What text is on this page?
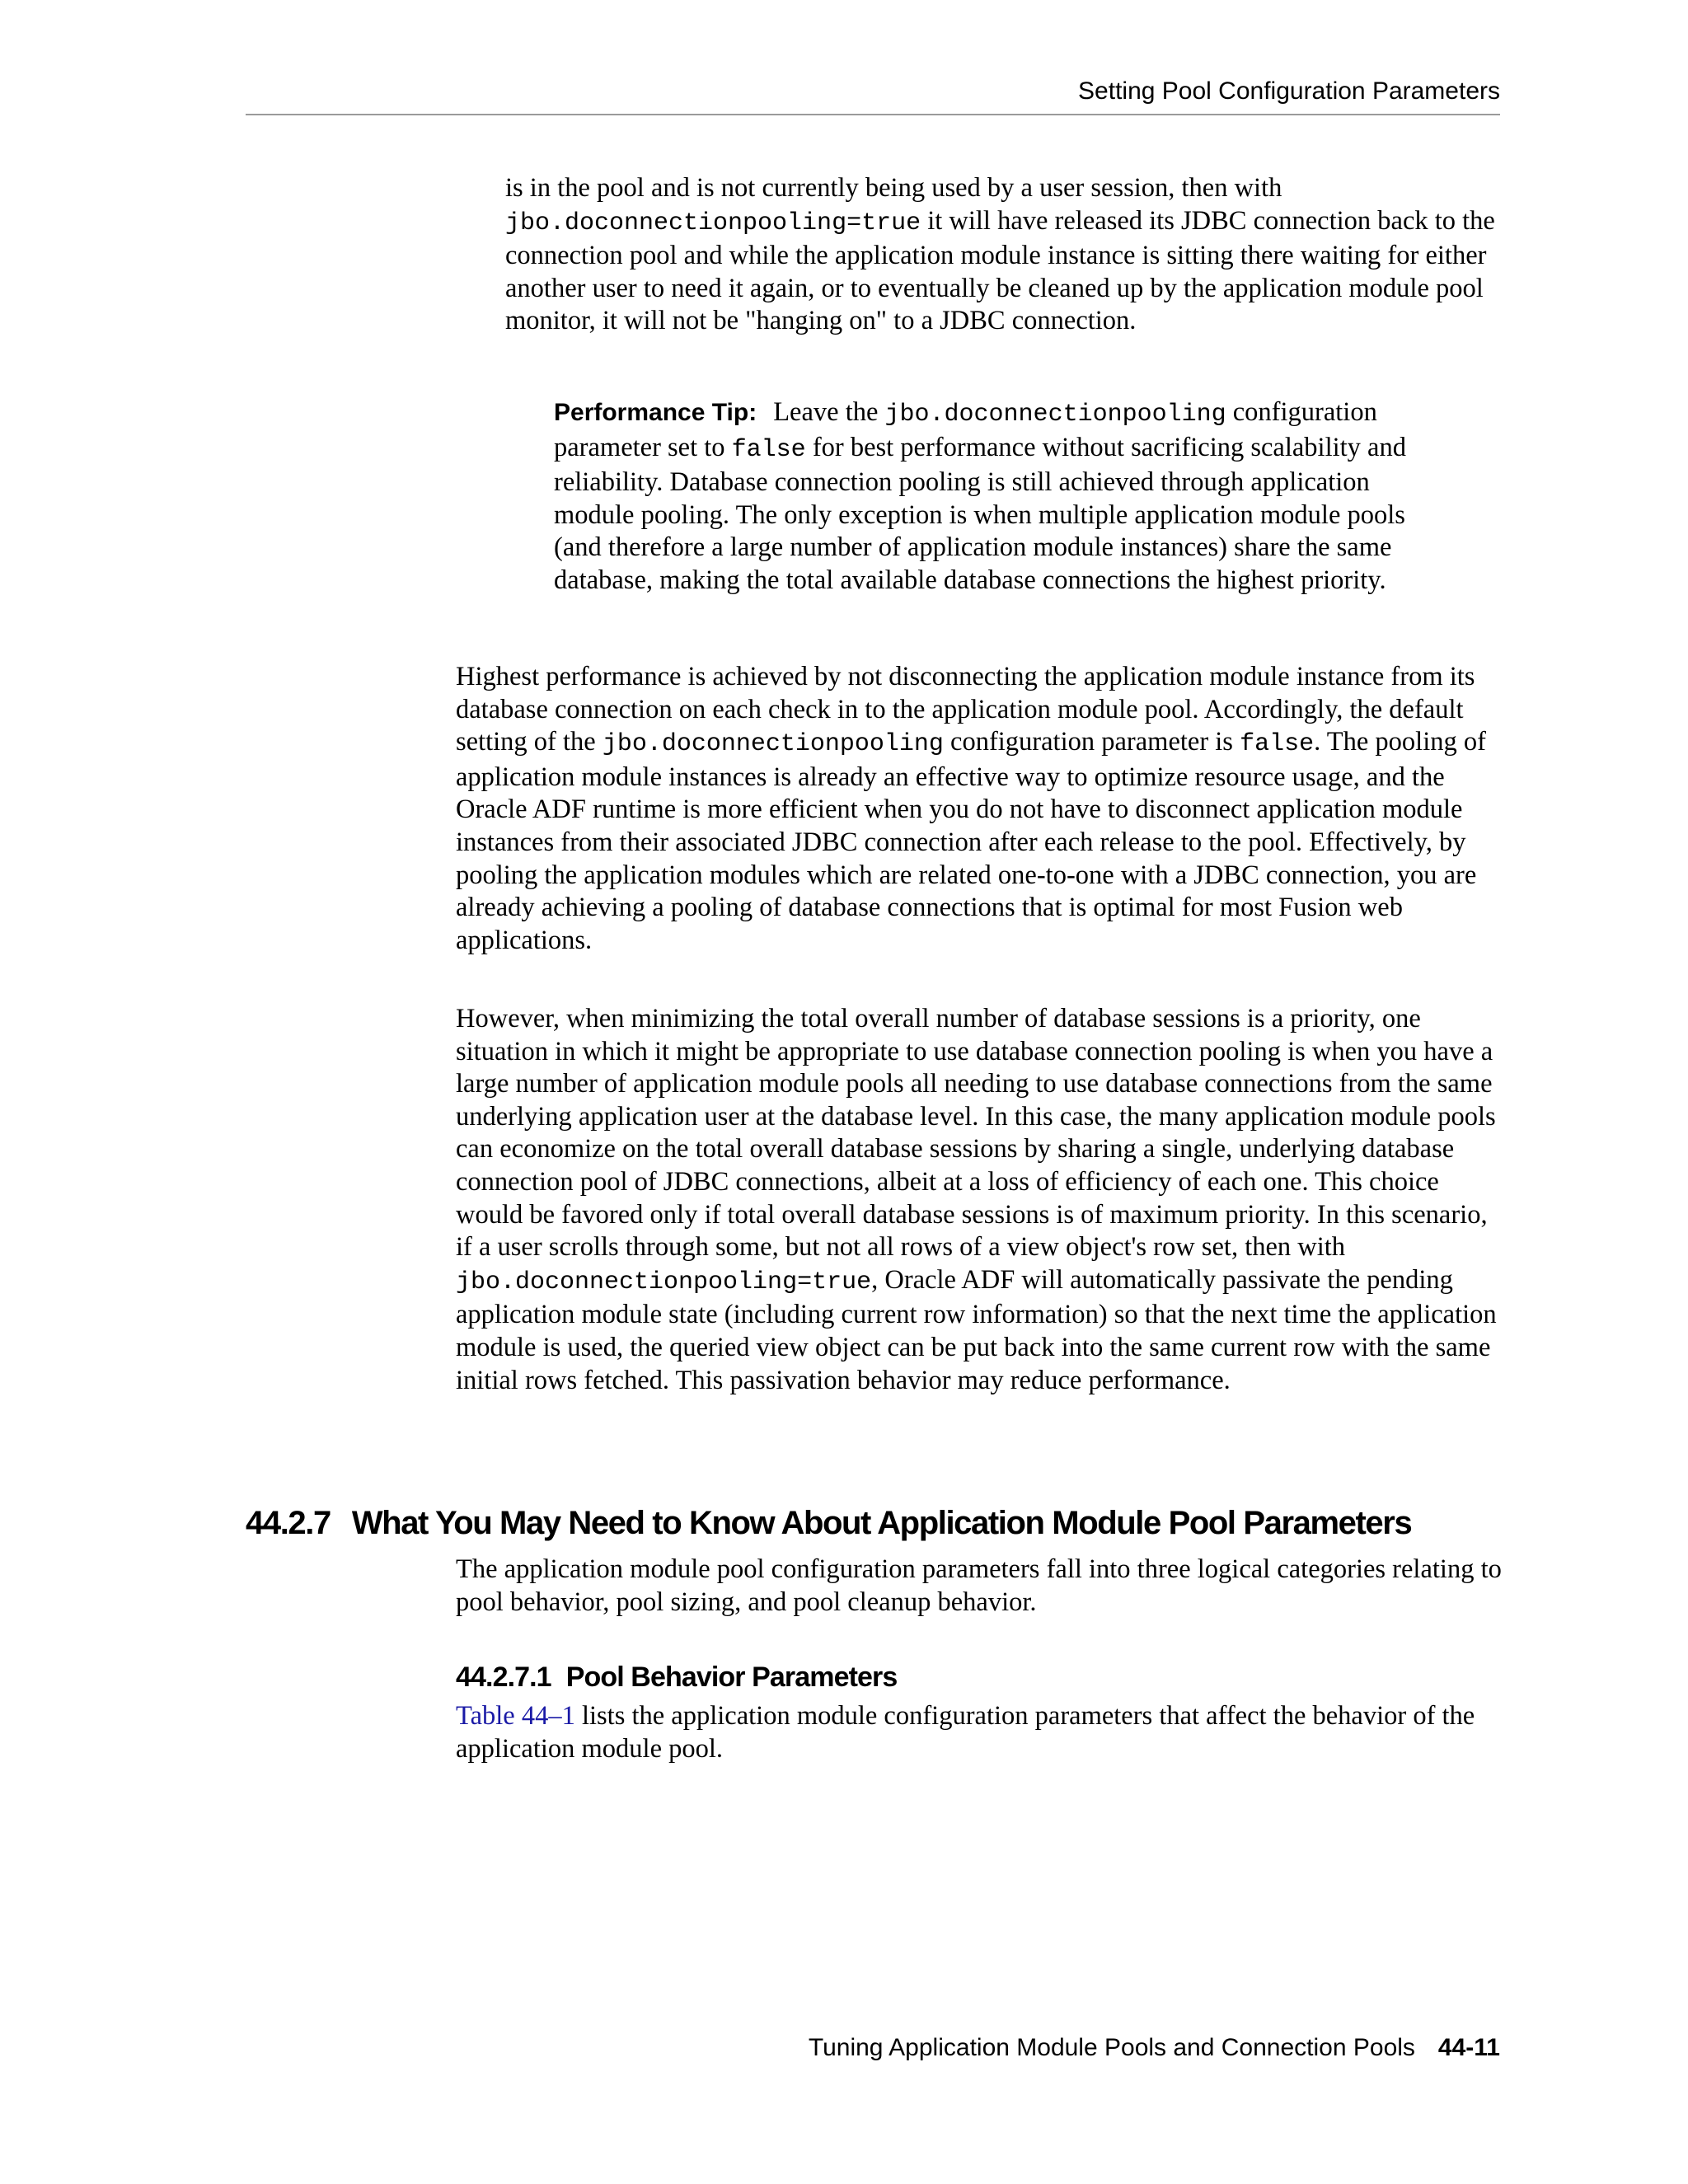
Setting Pool Configuration Parameters

is in the pool and is not currently being used by a user session, then with jbo.doconnectionpooling=true it will have released its JDBC connection back to the connection pool and while the application module instance is sitting there waiting for either another user to need it again, or to eventually be cleaned up by the application module pool monitor, it will not be "hanging on" to a JDBC connection.

Performance Tip: Leave the jbo.doconnectionpooling configuration parameter set to false for best performance without sacrificing scalability and reliability. Database connection pooling is still achieved through application module pooling. The only exception is when multiple application module pools (and therefore a large number of application module instances) share the same database, making the total available database connections the highest priority.

Highest performance is achieved by not disconnecting the application module instance from its database connection on each check in to the application module pool. Accordingly, the default setting of the jbo.doconnectionpooling configuration parameter is false. The pooling of application module instances is already an effective way to optimize resource usage, and the Oracle ADF runtime is more efficient when you do not have to disconnect application module instances from their associated JDBC connection after each release to the pool. Effectively, by pooling the application modules which are related one-to-one with a JDBC connection, you are already achieving a pooling of database connections that is optimal for most Fusion web applications.

However, when minimizing the total overall number of database sessions is a priority, one situation in which it might be appropriate to use database connection pooling is when you have a large number of application module pools all needing to use database connections from the same underlying application user at the database level. In this case, the many application module pools can economize on the total overall database sessions by sharing a single, underlying database connection pool of JDBC connections, albeit at a loss of efficiency of each one. This choice would be favored only if total overall database sessions is of maximum priority. In this scenario, if a user scrolls through some, but not all rows of a view object's row set, then with jbo.doconnectionpooling=true, Oracle ADF will automatically passivate the pending application module state (including current row information) so that the next time the application module is used, the queried view object can be put back into the same current row with the same initial rows fetched. This passivation behavior may reduce performance.

44.2.7 What You May Need to Know About Application Module Pool Parameters

The application module pool configuration parameters fall into three logical categories relating to pool behavior, pool sizing, and pool cleanup behavior.

44.2.7.1 Pool Behavior Parameters

Table 44–1 lists the application module configuration parameters that affect the behavior of the application module pool.

Tuning Application Module Pools and Connection Pools 44-11
